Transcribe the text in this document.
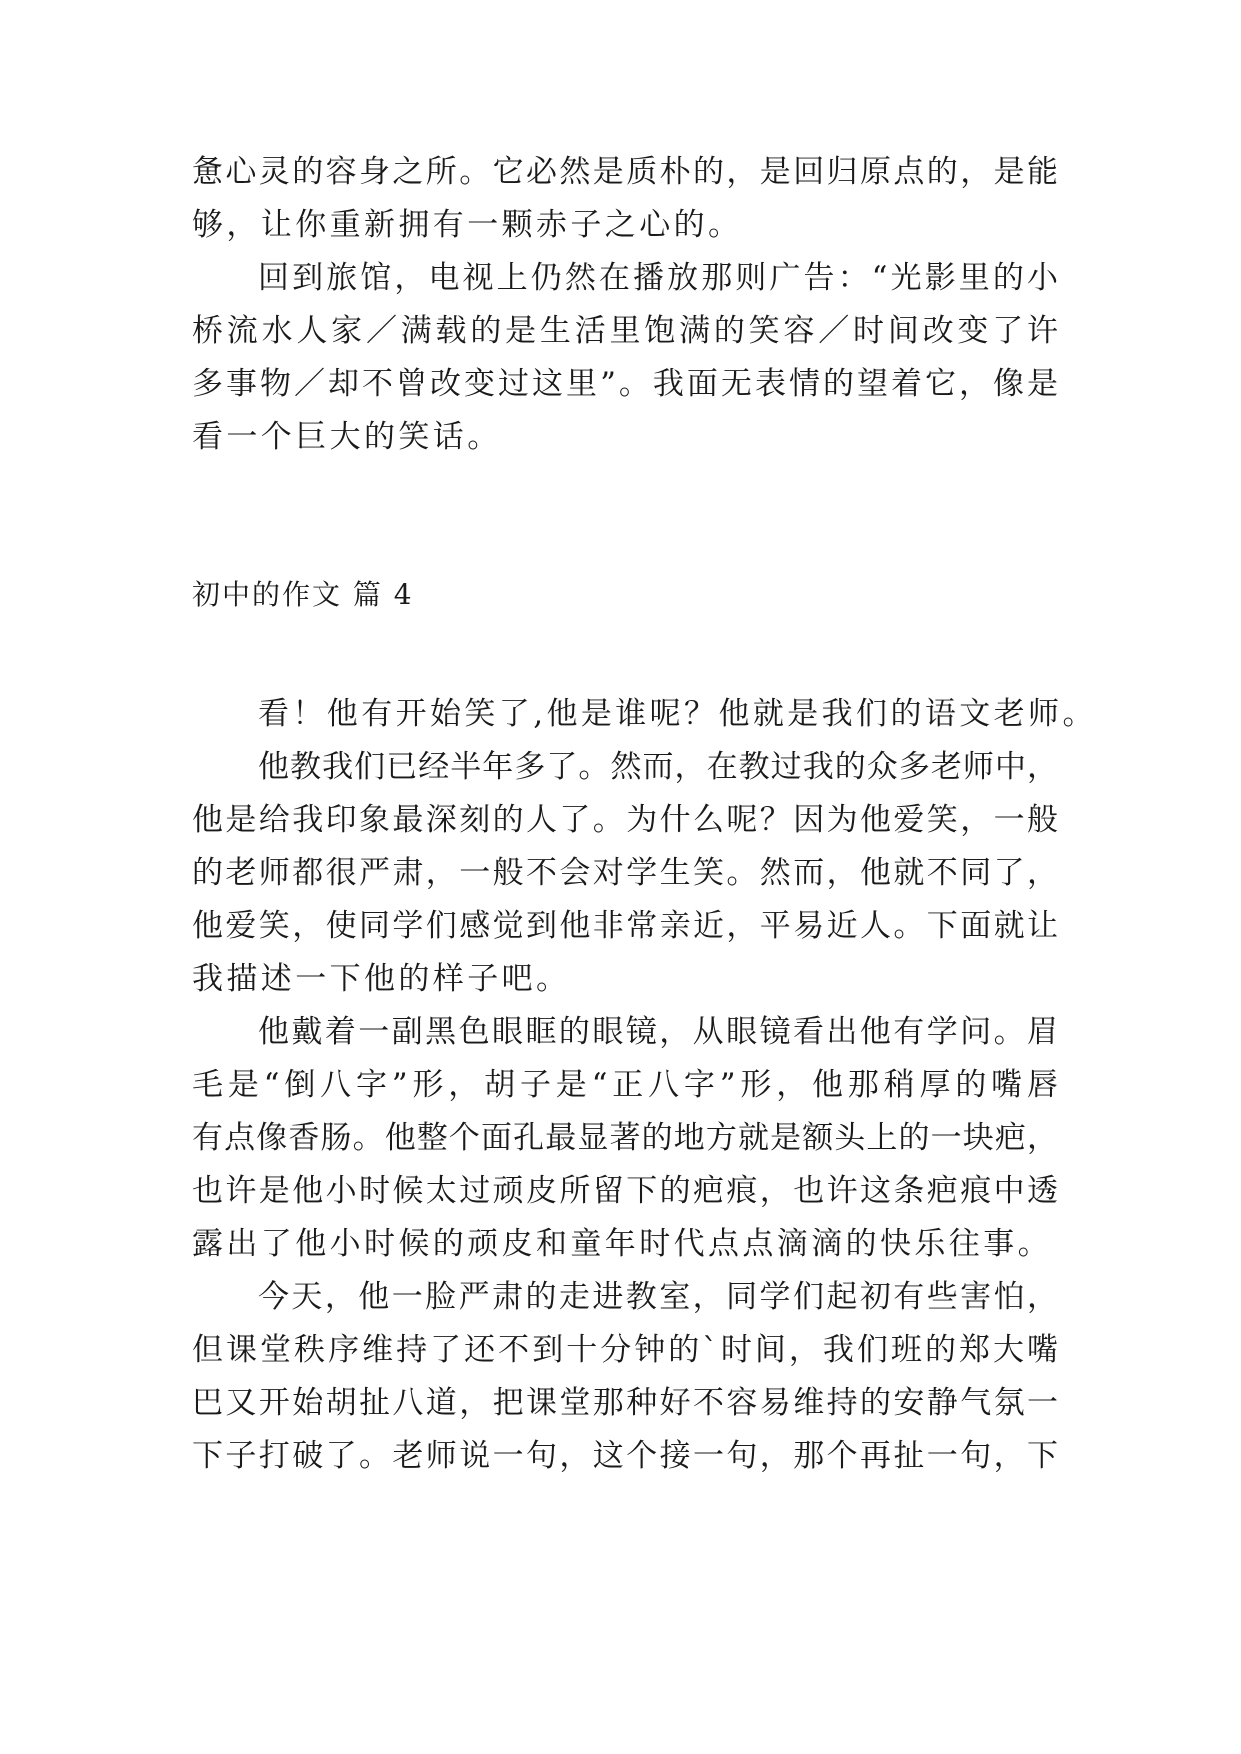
惫心灵的容身之所。它必然是质朴的，是回归原点的，是能
够，让你重新拥有一颗赤子之心的。
回到旅馆，电视上仍然在播放那则广告：“光影里的小
桥流水人家／满载的是生活里饱满的笑容／时间改变了许
多事物／却不曾改变过这里”。我面无表情的望着它，像是
看一个巨大的笑话。
初中的作文 篇 4
看！他有开始笑了,他是谁呢？他就是我们的语文老师。
他教我们已经半年多了。然而，在教过我的众多老师中，
他是给我印象最深刻的人了。为什么呢？因为他爱笑，一般
的老师都很严肃，一般不会对学生笑。然而，他就不同了，
他爱笑，使同学们感觉到他非常亲近，平易近人。下面就让
我描述一下他的样子吧。
他戴着一副黑色眼眶的眼镜，从眼镜看出他有学问。眉
毛是“倒八字”形，胡子是“正八字”形，他那稍厚的嘴唇
有点像香肠。他整个面孔最显著的地方就是额头上的一块疤，
也许是他小时候太过顽皮所留下的疤痕，也许这条疤痕中透
露出了他小时候的顽皮和童年时代点点滴滴的快乐往事。
今天，他一脸严肃的走进教室，同学们起初有些害怕，
但课堂秩序维持了还不到十分钟的`时间，我们班的郑大嘴
巴又开始胡扯八道，把课堂那种好不容易维持的安静气氛一
下子打破了。老师说一句，这个接一句，那个再扯一句，下
